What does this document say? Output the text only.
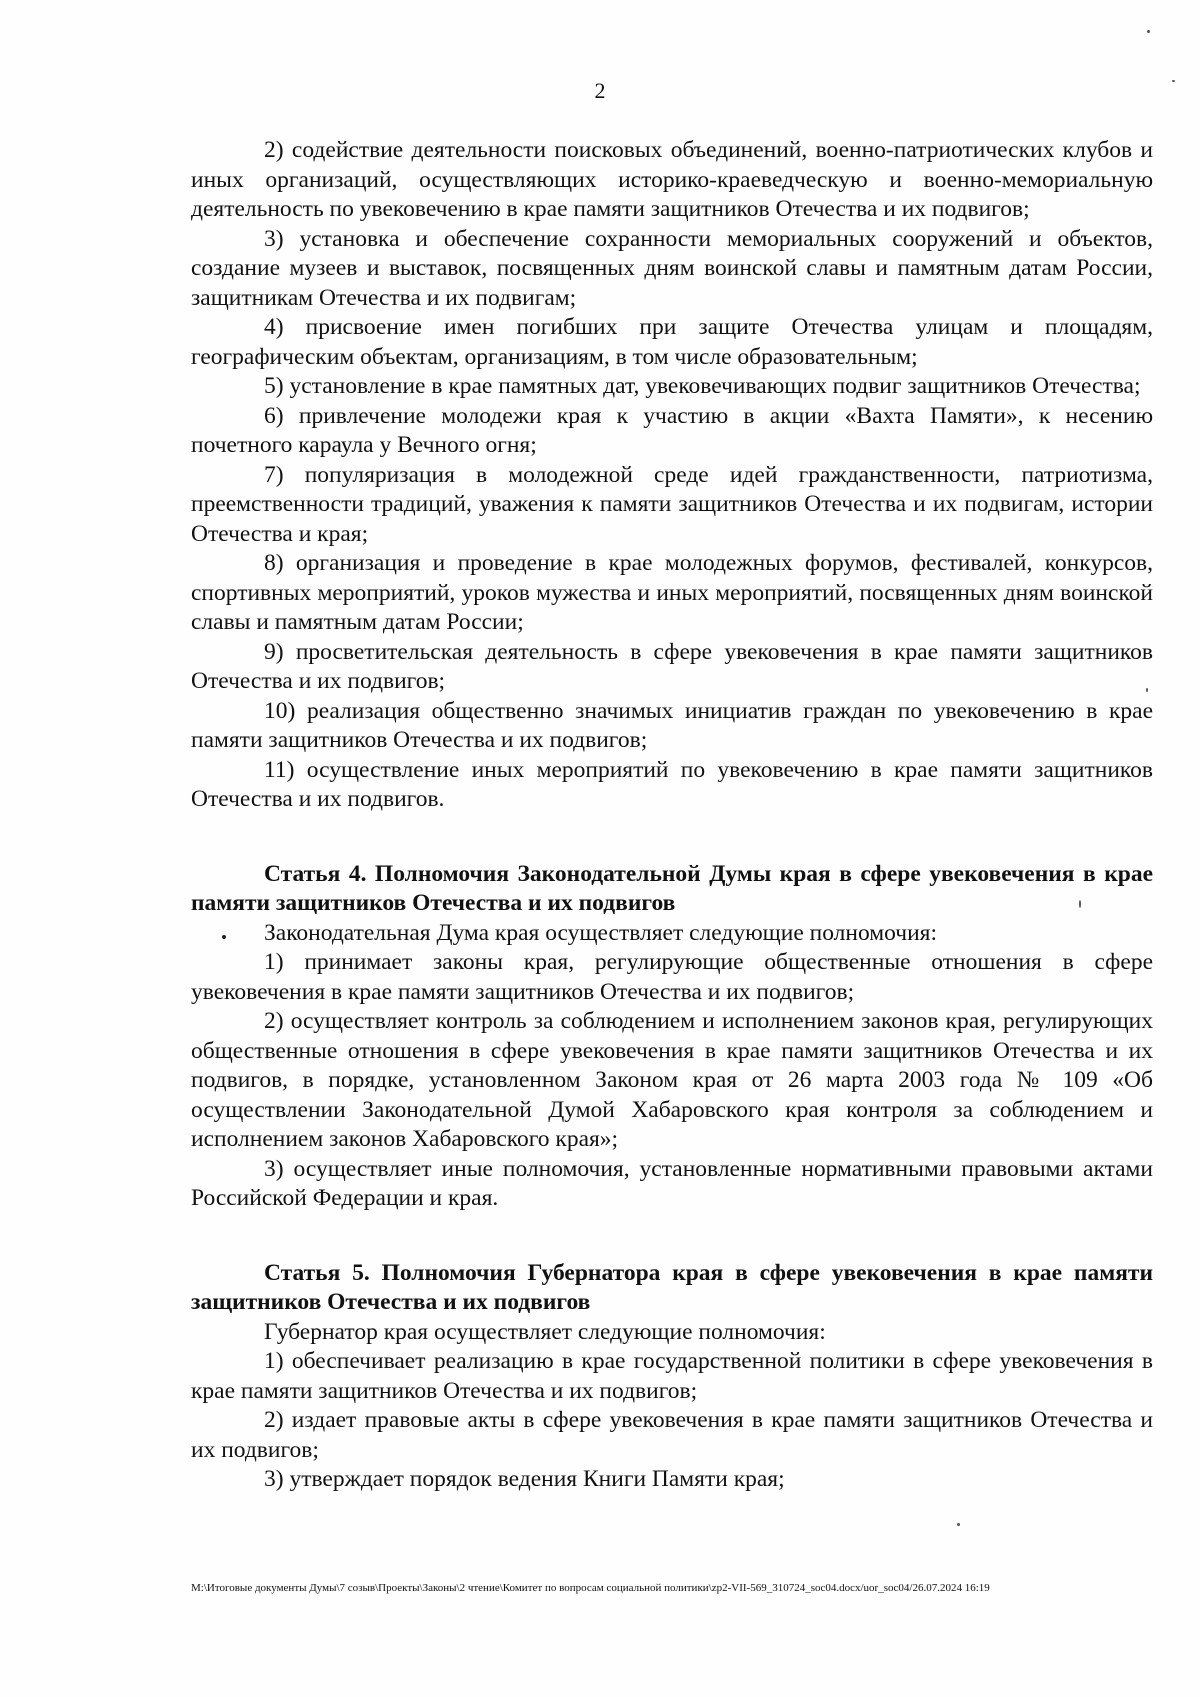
2

2) содействие деятельности поисковых объединений, военно-патриотических клубов и иных организаций, осуществляющих историко-краеведческую и военно-мемориальную деятельность по увековечению в крае памяти защитников Отечества и их подвигов;

3) установка и обеспечение сохранности мемориальных сооружений и объектов, создание музеев и выставок, посвященных дням воинской славы и памятным датам России, защитникам Отечества и их подвигам;

4) присвоение имен погибших при защите Отечества улицам и площадям, географическим объектам, организациям, в том числе образовательным;

5) установление в крае памятных дат, увековечивающих подвиг защитников Отечества;

6) привлечение молодежи края к участию в акции «Вахта Памяти», к несению почетного караула у Вечного огня;

7) популяризация в молодежной среде идей гражданственности, патриотизма, преемственности традиций, уважения к памяти защитников Отечества и их подвигам, истории Отечества и края;

8) организация и проведение в крае молодежных форумов, фестивалей, конкурсов, спортивных мероприятий, уроков мужества и иных мероприятий, посвященных дням воинской славы и памятным датам России;

9) просветительская деятельность в сфере увековечения в крае памяти защитников Отечества и их подвигов;

10) реализация общественно значимых инициатив граждан по увековечению в крае памяти защитников Отечества и их подвигов;

11) осуществление иных мероприятий по увековечению в крае памяти защитников Отечества и их подвигов.

Статья 4. Полномочия Законодательной Думы края в сфере увековечения в крае памяти защитников Отечества и их подвигов

Законодательная Дума края осуществляет следующие полномочия:

1) принимает законы края, регулирующие общественные отношения в сфере увековечения в крае памяти защитников Отечества и их подвигов;

2) осуществляет контроль за соблюдением и исполнением законов края, регулирующих общественные отношения в сфере увековечения в крае памяти защитников Отечества и их подвигов, в порядке, установленном Законом края от 26 марта 2003 года № 109 «Об осуществлении Законодательной Думой Хабаровского края контроля за соблюдением и исполнением законов Хабаровского края»;

3) осуществляет иные полномочия, установленные нормативными правовыми актами Российской Федерации и края.

Статья 5. Полномочия Губернатора края в сфере увековечения в крае памяти защитников Отечества и их подвигов

Губернатор края осуществляет следующие полномочия:

1) обеспечивает реализацию в крае государственной политики в сфере увековечения в крае памяти защитников Отечества и их подвигов;

2) издает правовые акты в сфере увековечения в крае памяти защитников Отечества и их подвигов;

3) утверждает порядок ведения Книги Памяти края;

M:\Итоговые документы Думы\7 созыв\Проекты\Законы\2 чтение\Комитет по вопросам социальной политики\zp2-VII-569_310724_soc04.docx/uor_soc04/26.07.2024 16:19
